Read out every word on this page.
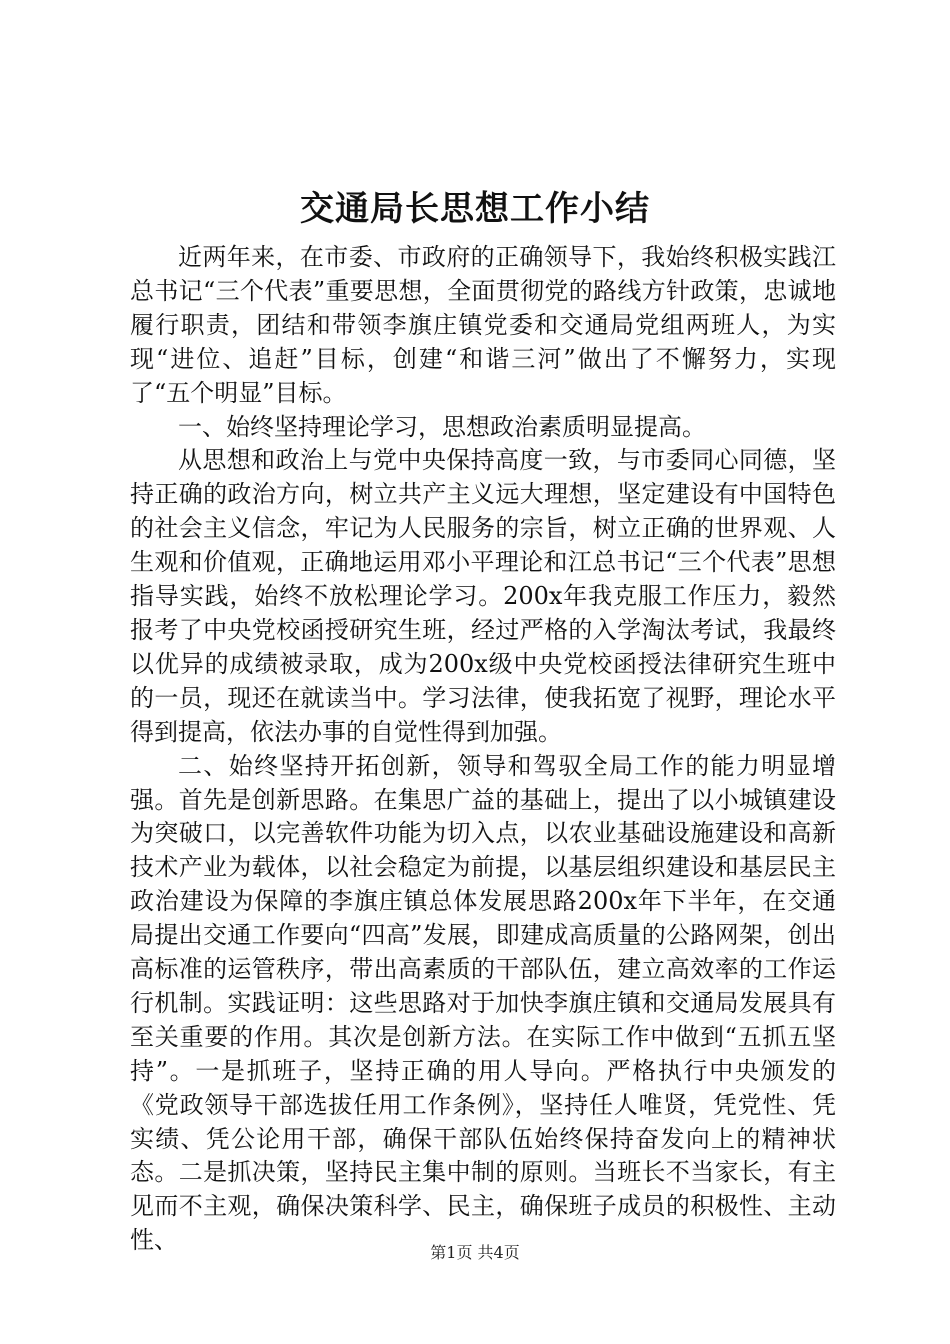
交通局长思想工作小结

近两年来，在市委、市政府的正确领导下，我始终积极实践江总书记“三个代表”重要思想，全面贯彻党的路线方针政策，忠诚地履行职责，团结和带领李旗庄镇党委和交通局党组两班人，为实现“进位、追赶”目标，创建“和谐三河”做出了不懈努力，实现了“五个明显”目标。

一、始终坚持理论学习，思想政治素质明显提高。

从思想和政治上与党中央保持高度一致，与市委同心同德，坚持正确的政治方向，树立共产主义远大理想，坚定建设有中国特色的社会主义信念，牢记为人民服务的宗旨，树立正确的世界观、人生观和价值观，正确地运用邓小平理论和江总书记“三个代表”思想指导实践，始终不放松理论学习。200x年我克服工作压力，毅然报考了中央党校函授研究生班，经过严格的入学淘汰考试，我最终以优异的成绩被录取，成为200x级中央党校函授法律研究生班中的一员，现还在就读当中。学习法律，使我拓宽了视野，理论水平得到提高，依法办事的自觉性得到加强。

二、始终坚持开拓创新，领导和驾驭全局工作的能力明显增强。首先是创新思路。在集思广益的基础上，提出了以小城镇建设为突破口，以完善软件功能为切入点，以农业基础设施建设和高新技术产业为载体，以社会稳定为前提，以基层组织建设和基层民主政治建设为保障的李旗庄镇总体发展思路200x年下半年，在交通局提出交通工作要向“四高”发展，即建成高质量的公路网架，创出高标准的运管秩序，带出高素质的干部队伍，建立高效率的工作运行机制。实践证明：这些思路对于加快李旗庄镇和交通局发展具有至关重要的作用。其次是创新方法。在实际工作中做到“五抓五坚持”。一是抓班子，坚持正确的用人导向。严格执行中央颁发的《党政领导干部选拔任用工作条例》，坚持任人唯贤，凭党性、凭实绩、凭公论用干部，确保干部队伍始终保持奋发向上的精神状态。二是抓决策，坚持民主集中制的原则。当班长不当家长，有主见而不主观，确保决策科学、民主，确保班子成员的积极性、主动性、	第1页 共4页
